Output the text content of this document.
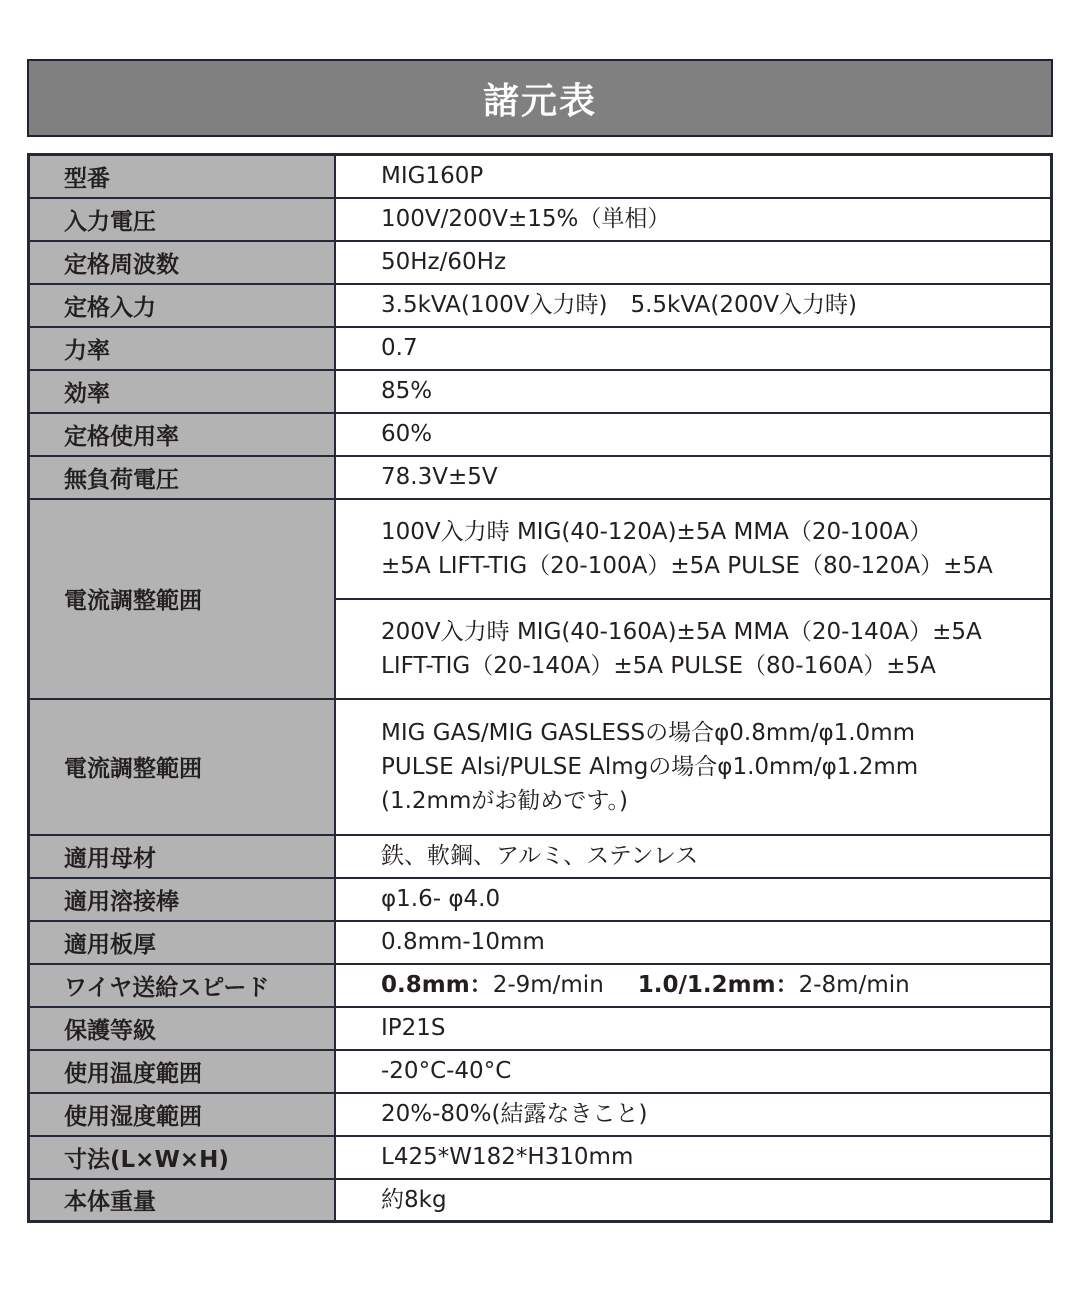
諸元表
型番	MIG160P
入力電圧	100V/200V±15%（単相）
定格周波数	50Hz/60Hz
定格入力	3.5kVA(100V入力時)　5.5kVA(200V入力時)
力率	0.7
効率	85%
定格使用率	60%
無負荷電圧	78.3V±5V
電流調整範囲	100V入力時 MIG(40-120A)±5A MMA（20-100A）
±5A LIFT-TIG（20-100A）±5A PULSE（80-120A）±5A

	200V入力時 MIG(40-160A)±5A MMA（20-140A）±5A
LIFT-TIG（20-140A）±5A PULSE（80-160A）±5A

電流調整範囲	MIG GAS/MIG GASLESSの場合φ0.8mm/φ1.0mm
PULSE Alsi/PULSE Almgの場合φ1.0mm/φ1.2mm
(1.2mmがお勧めです。)

適用母材	鉄、軟鋼、アルミ、ステンレス
適用溶接棒	φ1.6- φ4.0
適用板厚	0.8mm-10mm
ワイヤ送給スピード	0.8mm：2-9m/min 1.0/1.2mm：2-8m/min
保護等級	IP21S
使用温度範囲	-20°C-40°C
使用湿度範囲	20%-80%(結露なきこと)
寸法(L×W×H)	L425*W182*H310mm
本体重量	約8kg
